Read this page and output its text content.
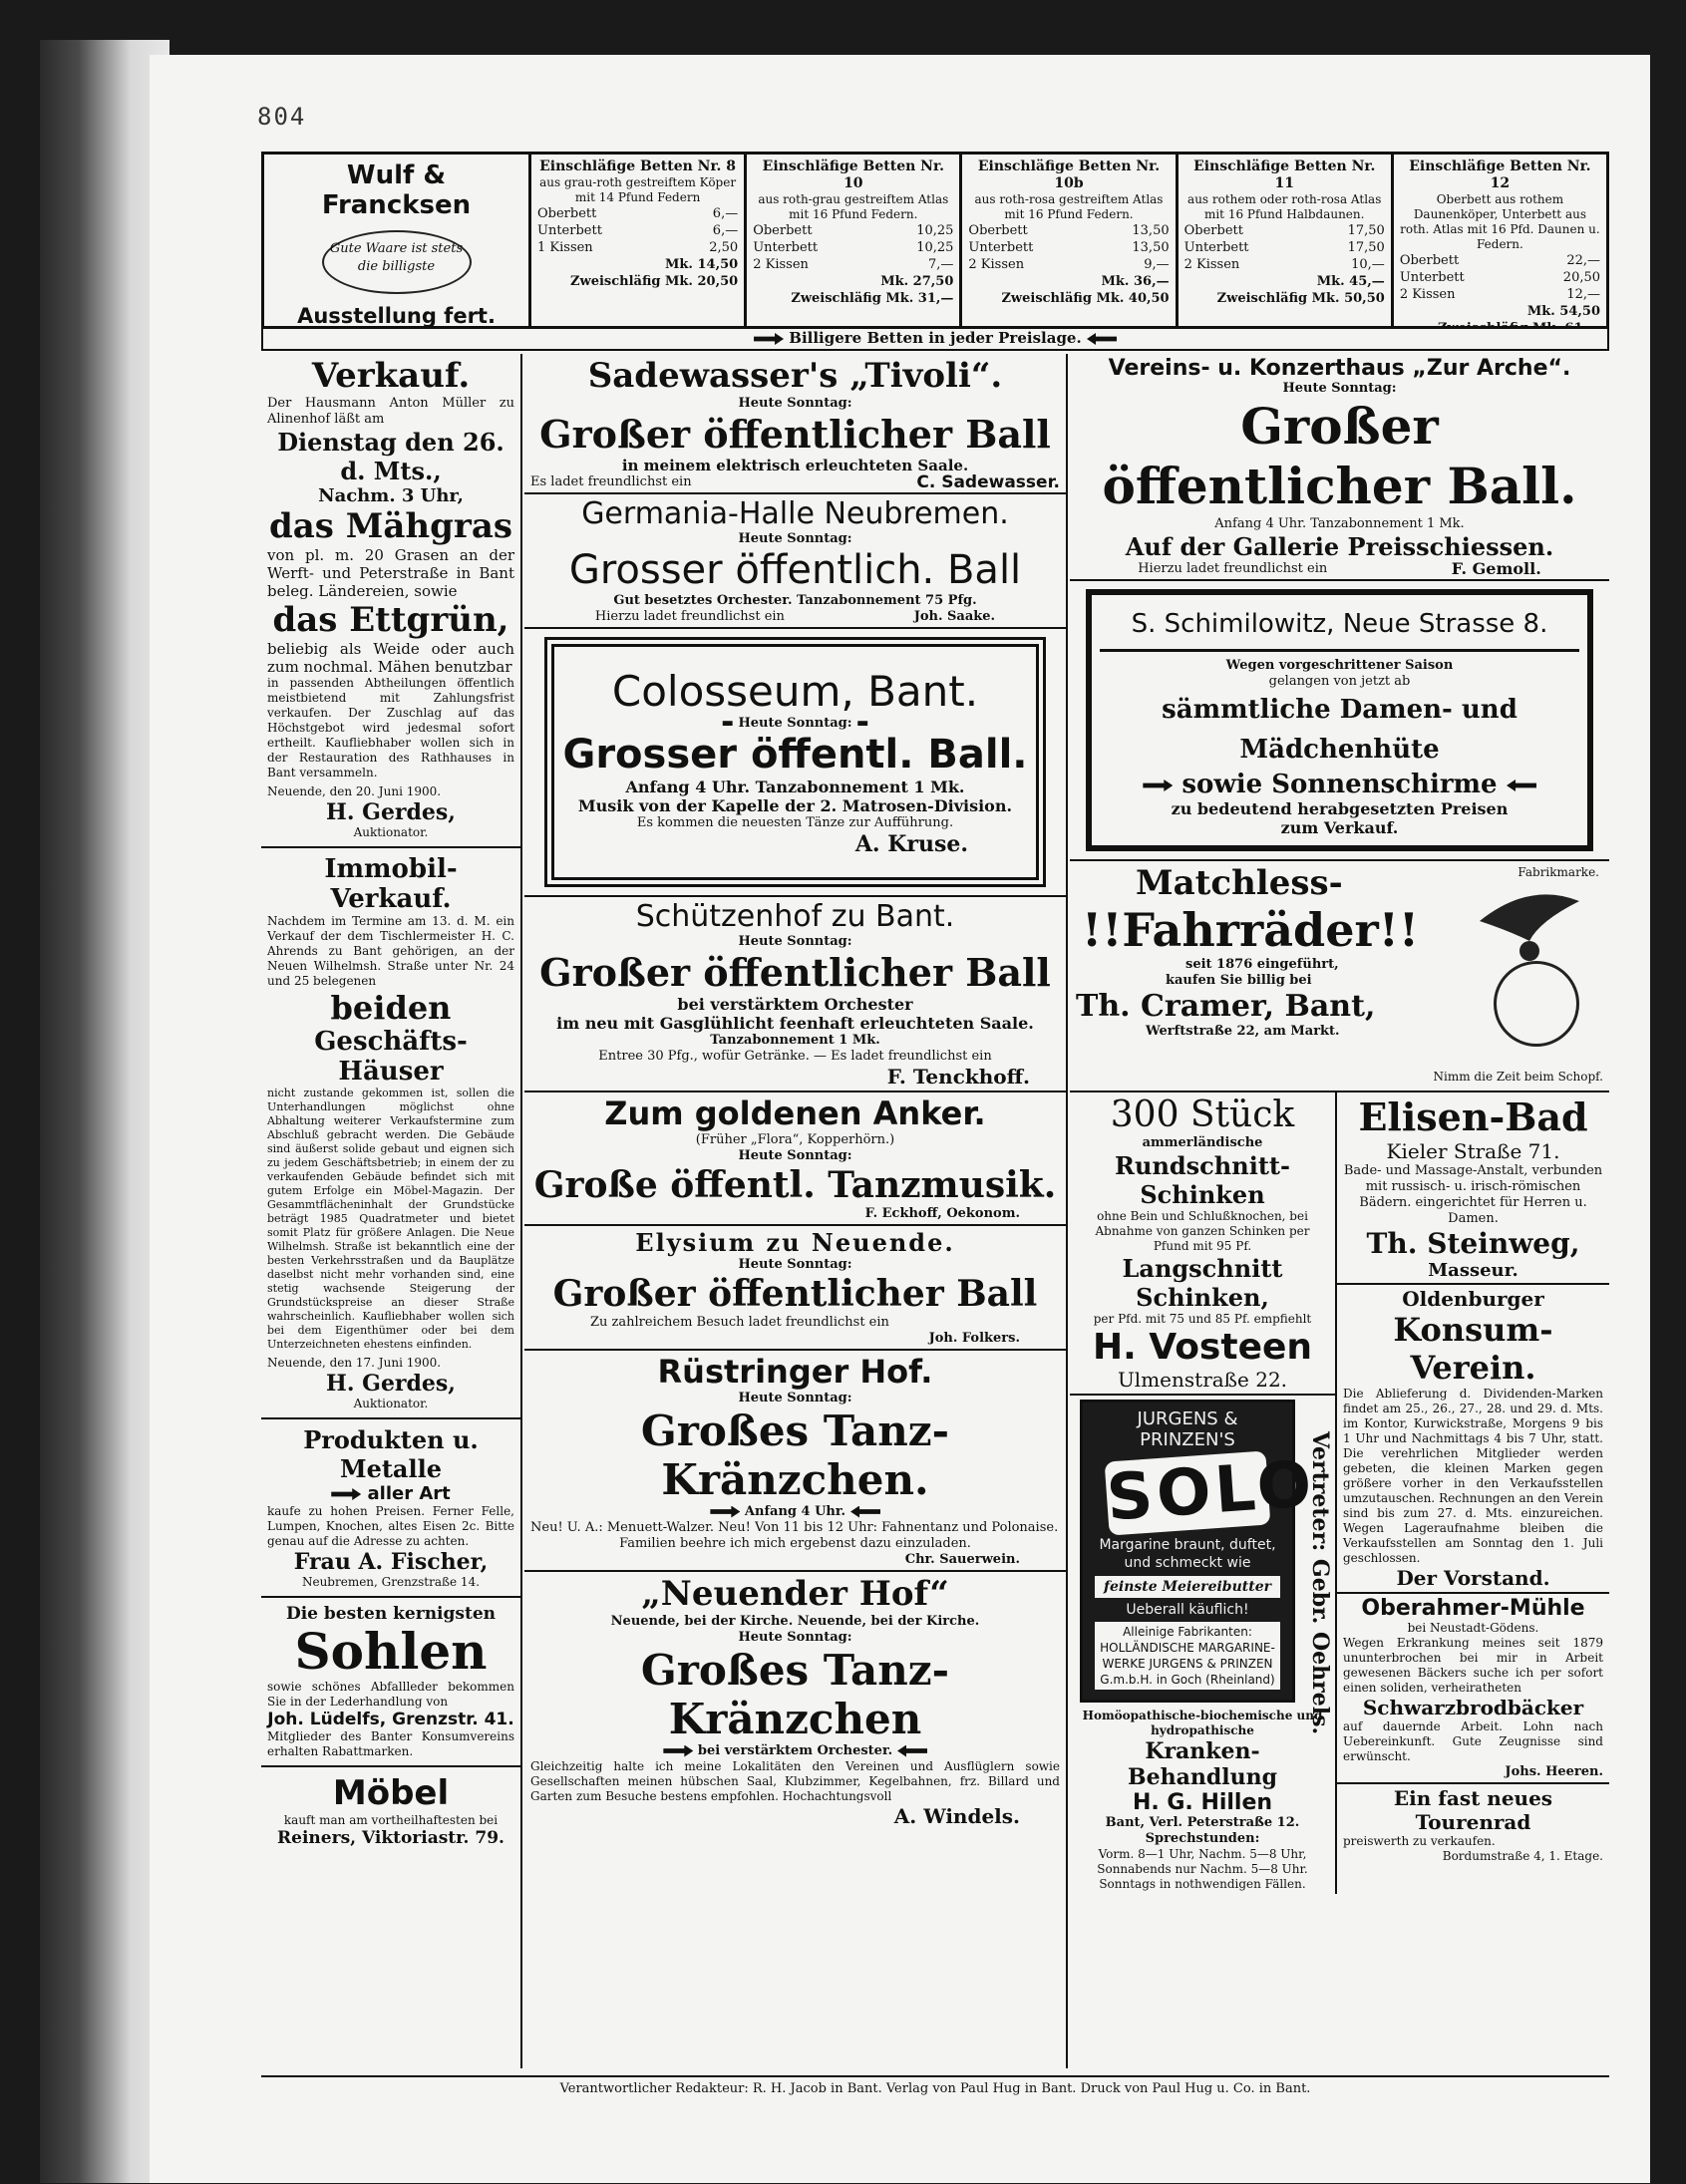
804
Wulf & Francksen
Gute Waare ist stets die billigste
Ausstellung fert.
Einschläfige Betten Nr. 8
aus grau-roth gestreiftem Köper mit 14 Pfund Federn
Oberbett	6,—
Unterbett	6,—
1 Kissen	2,50
Mk. 14,50
Zweischläfig Mk. 20,50
Einschläfige Betten Nr. 10
aus roth-grau gestreiftem Atlas mit 16 Pfund Federn.
Oberbett	10,25
Unterbett	10,25
2 Kissen	7,—
Mk. 27,50
Zweischläfig Mk. 31,—
Einschläfige Betten Nr. 10b
aus roth-rosa gestreiftem Atlas mit 16 Pfund Federn.
Oberbett	13,50
Unterbett	13,50
2 Kissen	9,—
Mk. 36,—
Zweischläfig Mk. 40,50
Einschläfige Betten Nr. 11
aus rothem oder roth-rosa Atlas mit 16 Pfund Halbdaunen.
Oberbett	17,50
Unterbett	17,50
2 Kissen	10,—
Mk. 45,—
Zweischläfig Mk. 50,50
Einschläfige Betten Nr. 12
Oberbett aus rothem Daunenköper, Unterbett aus roth. Atlas mit 16 Pfd. Daunen u. Federn.
Oberbett	22,—
Unterbett	20,50
2 Kissen	12,—
Mk. 54,50
Billigere Betten in jeder Preislage.
Verkauf.
Der Hausmann Anton Müller zu Alinenhof läßt am
Dienstag den 26. d. Mts.,
Nachm. 3 Uhr,
das Mähgras
von pl. m. 20 Grasen an der Werft- und Peterstraße in Bant beleg. Ländereien, sowie
das Ettgrün,
beliebig als Weide oder auch zum nochmal. Mähen benutzbar
in passenden Abtheilungen öffentlich meistbietend mit Zahlungsfrist verkaufen. Der Zuschlag auf das Höchstgebot wird jedesmal sofort ertheilt. Kaufliebhaber wollen sich in der Restauration des Rathhauses in Bant versammeln.
Neuende, den 20. Juni 1900.
H. Gerdes,
Auktionator.
Immobil-Verkauf.
Nachdem im Termine am 13. d. M. ein Verkauf der dem Tischlermeister H. C. Ahrends zu Bant gehörigen, an der Neuen Wilhelmsh. Straße unter Nr. 24 und 25 belegenen
beiden
Geschäfts-Häuser
nicht zustande gekommen ist, sollen die Unterhandlungen möglichst ohne Abhaltung weiterer Verkaufstermine zum Abschluß gebracht werden. Die Gebäude sind äußerst solide gebaut und eignen sich zu jedem Geschäftsbetrieb; in einem der zu verkaufenden Gebäude befindet sich mit gutem Erfolge ein Möbel-Magazin. Der Gesammtflächeninhalt der Grundstücke beträgt 1985 Quadratmeter und bietet somit Platz für größere Anlagen. Die Neue Wilhelmsh. Straße ist bekanntlich eine der besten Verkehrsstraßen und da Bauplätze daselbst nicht mehr vorhanden sind, eine stetig wachsende Steigerung der Grundstückspreise an dieser Straße wahrscheinlich. Kaufliebhaber wollen sich bei dem Eigenthümer oder bei dem Unterzeichneten ehestens einfinden.
Neuende, den 17. Juni 1900.
H. Gerdes,
Auktionator.
Produkten u. Metalle
aller Art
kaufe zu hohen Preisen. Ferner Felle, Lumpen, Knochen, altes Eisen 2c. Bitte genau auf die Adresse zu achten.
Frau A. Fischer,
Neubremen, Grenzstraße 14.
Die besten kernigsten
Sohlen
sowie schönes Abfallleder bekommen Sie in der Lederhandlung von
Joh. Lüdelfs, Grenzstr. 41.
Mitglieder des Banter Konsumvereins erhalten Rabattmarken.
Möbel
kauft man am vortheilhaftesten bei
Reiners, Viktoriastr. 79.
Sadewasser's „Tivoli“.
Heute Sonntag:
Großer öffentlicher Ball
in meinem elektrisch erleuchteten Saale.
Es ladet freundlichst ein	C. Sadewasser.
Germania-Halle Neubremen.
Heute Sonntag:
Grosser öffentlich. Ball
Gut besetztes Orchester. Tanzabonnement 75 Pfg.
Hierzu ladet freundlichst ein	Joh. Saake.
Colosseum, Bant.
▬ Heute Sonntag: ▬
Grosser öffentl. Ball.
Anfang 4 Uhr. Tanzabonnement 1 Mk.
Musik von der Kapelle der 2. Matrosen-Division.
Es kommen die neuesten Tänze zur Aufführung.
A. Kruse.
Schützenhof zu Bant.
Heute Sonntag:
Großer öffentlicher Ball
bei verstärktem Orchester
im neu mit Gasglühlicht feenhaft erleuchteten Saale.
Tanzabonnement 1 Mk.
Entree 30 Pfg., wofür Getränke. — Es ladet freundlichst ein
F. Tenckhoff.
Zum goldenen Anker.
(Früher „Flora“, Kopperhörn.)
Heute Sonntag:
Große öffentl. Tanzmusik.
F. Eckhoff, Oekonom.
Elysium zu Neuende.
Heute Sonntag:
Großer öffentlicher Ball
Zu zahlreichem Besuch ladet freundlichst ein
Joh. Folkers.
Rüstringer Hof.
Heute Sonntag:
Großes Tanz-Kränzchen.
Anfang 4 Uhr.
Neu! U. A.: Menuett-Walzer. Neu! Von 11 bis 12 Uhr: Fahnentanz und Polonaise.
Familien beehre ich mich ergebenst dazu einzuladen.
Chr. Sauerwein.
„Neuender Hof“
Neuende, bei der Kirche. Neuende, bei der Kirche.
Heute Sonntag:
Großes Tanz-Kränzchen
bei verstärktem Orchester.
Gleichzeitig halte ich meine Lokalitäten den Vereinen und Ausflüglern sowie Gesellschaften meinen hübschen Saal, Klubzimmer, Kegelbahnen, frz. Billard und Garten zum Besuche bestens empfohlen. Hochachtungsvoll
A. Windels.
Vereins- u. Konzerthaus „Zur Arche“.
Heute Sonntag:
Großer öffentlicher Ball.
Anfang 4 Uhr. Tanzabonnement 1 Mk.
Auf der Gallerie Preisschiessen.
Hierzu ladet freundlichst ein	F. Gemoll.
S. Schimilowitz, Neue Strasse 8.
Wegen vorgeschrittener Saison
gelangen von jetzt ab
sämmtliche Damen- und Mädchenhüte
sowie Sonnenschirme
zu bedeutend herabgesetzten Preisen
zum Verkauf.
Matchless-	Fabrikmarke.
!!Fahrräder!!
seit 1876 eingeführt,
kaufen Sie billig bei
Th. Cramer, Bant,
Werftstraße 22, am Markt.
Nimm die Zeit beim Schopf.
300 Stück
ammerländische
Rundschnitt-Schinken
ohne Bein und Schlußknochen, bei Abnahme von ganzen Schinken per Pfund mit 95 Pf.
Langschnitt Schinken,
per Pfd. mit 75 und 85 Pf. empfiehlt
H. Vosteen
Ulmenstraße 22.
JURGENS & PRINZEN'S
SOLO
Margarine braunt, duftet, und schmeckt wie
feinste Meiereibutter
Ueberall käuflich!
Alleinige Fabrikanten: HOLLÄNDISCHE MARGARINE-WERKE JURGENS & PRINZEN G.m.b.H. in Goch (Rheinland) Vertreter: Gebr. Oehrels.
Homöopathische-biochemische und hydropathische
Kranken-Behandlung
H. G. Hillen
Bant, Verl. Peterstraße 12.
Sprechstunden:
Vorm. 8—1 Uhr, Nachm. 5—8 Uhr, Sonnabends nur Nachm. 5—8 Uhr. Sonntags in nothwendigen Fällen.
Elisen-Bad
Kieler Straße 71.
Bade- und Massage-Anstalt, verbunden mit russisch- u. irisch-römischen Bädern. eingerichtet für Herren u. Damen.
Th. Steinweg,
Masseur.
Oldenburger
Konsum-Verein.
Die Ablieferung d. Dividenden-Marken findet am 25., 26., 27., 28. und 29. d. Mts. im Kontor, Kurwickstraße, Morgens 9 bis 1 Uhr und Nachmittags 4 bis 7 Uhr, statt. Die verehrlichen Mitglieder werden gebeten, die kleinen Marken gegen größere vorher in den Verkaufsstellen umzutauschen. Rechnungen an den Verein sind bis zum 27. d. Mts. einzureichen. Wegen Lageraufnahme bleiben die Verkaufsstellen am Sonntag den 1. Juli geschlossen.
Der Vorstand.
Oberahmer-Mühle
bei Neustadt-Gödens.
Wegen Erkrankung meines seit 1879 ununterbrochen bei mir in Arbeit gewesenen Bäckers suche ich per sofort einen soliden, verheiratheten
Schwarzbrodbäcker
auf dauernde Arbeit. Lohn nach Uebereinkunft. Gute Zeugnisse sind erwünscht.
Johs. Heeren.
Ein fast neues Tourenrad
preiswerth zu verkaufen.
Bordumstraße 4, 1. Etage.
Verantwortlicher Redakteur: R. H. Jacob in Bant. Verlag von Paul Hug in Bant. Druck von Paul Hug u. Co. in Bant.
